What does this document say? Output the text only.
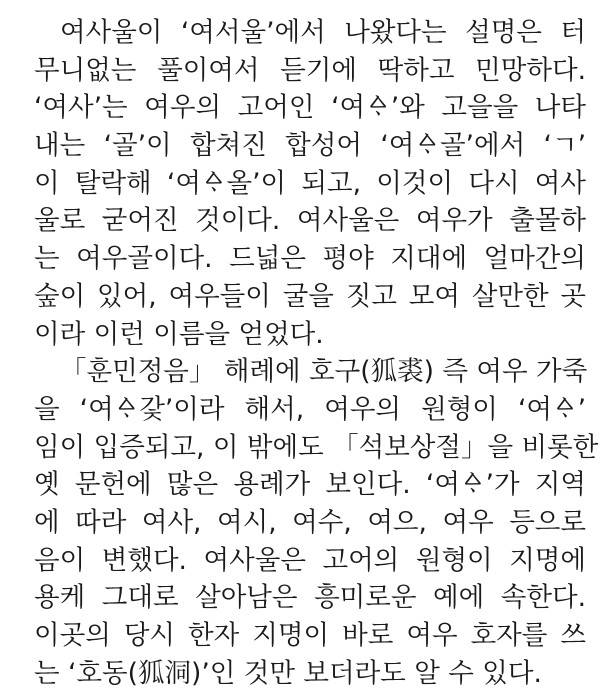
여사울이 ‘여서울’에서 나왔다는 설명은 터
무니없는 풀이여서 듣기에 딱하고 민망하다.
‘여사’는 여우의 고어인 ‘여ᅀᆞ’와 고을을 나타
내는 ‘골’이 합쳐진 합성어 ‘여ᅀᆞ골’에서 ‘ㄱ’
이 탈락해 ‘여ᅀᆞ올’이 되고, 이것이 다시 여사
울로 굳어진 것이다. 여사울은 여우가 출몰하
는 여우골이다. 드넓은 평야 지대에 얼마간의
숲이 있어, 여우들이 굴을 짓고 모여 살만한 곳
이라 이런 이름을 얻었다.
「훈민정음」 해례에 호구(狐裘) 즉 여우 가죽
을 ‘여ᅀᆞ갗’이라 해서, 여우의 원형이 ‘여ᅀᆞ’
임이 입증되고, 이 밖에도 「석보상절」을 비롯한
옛 문헌에 많은 용례가 보인다. ‘여ᅀᆞ’가 지역
에 따라 여사, 여시, 여수, 여으, 여우 등으로
음이 변했다. 여사울은 고어의 원형이 지명에
용케 그대로 살아남은 흥미로운 예에 속한다.
이곳의 당시 한자 지명이 바로 여우 호자를 쓰
는 ‘호동(狐洞)’인 것만 보더라도 알 수 있다.
